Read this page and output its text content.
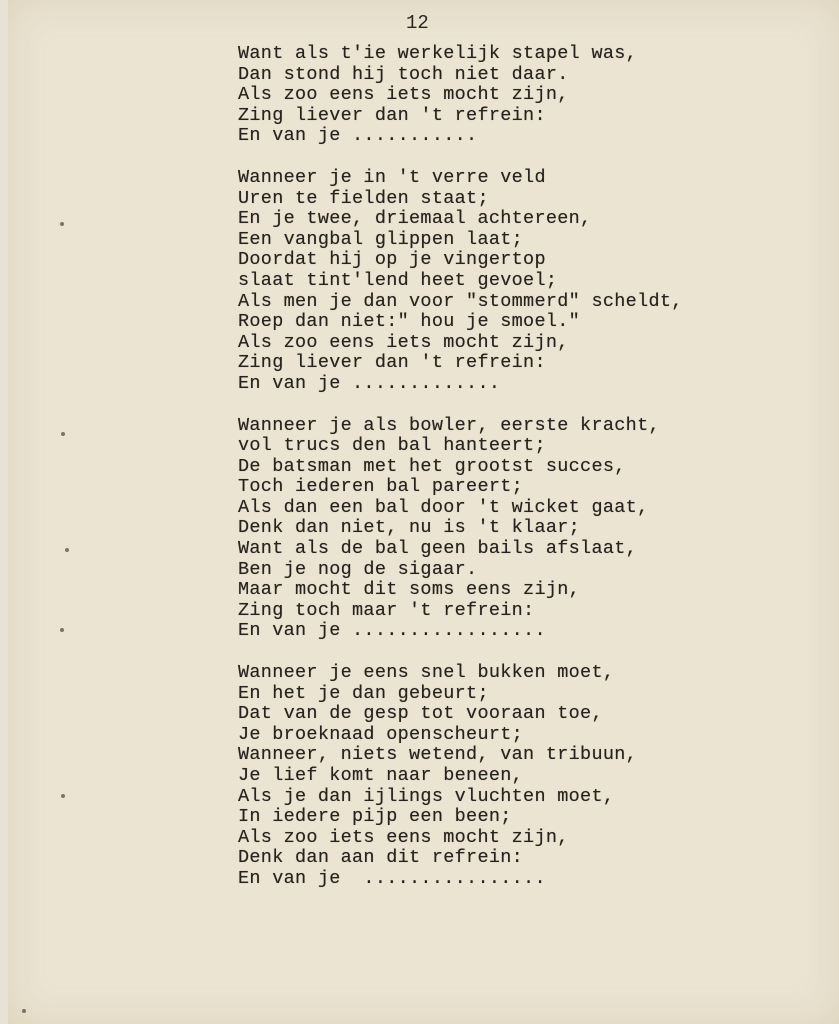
12
Want als t'ie werkelijk stapel was,
Dan stond hij toch niet daar.
Als zoo eens iets mocht zijn,
Zing liever dan 't refrein:
En van je ...........
Wanneer je in 't verre veld
Uren te fielden staat;
En je twee, driemaal achtereen,
Een vangbal glippen laat;
Doordat hij op je vingertop
slaat tint'lend heet gevoel;
Als men je dan voor "stommerd" scheldt,
Roep dan niet:" hou je smoel."
Als zoo eens iets mocht zijn,
Zing liever dan 't refrein:
En van je .............
Wanneer je als bowler, eerste kracht,
vol trucs den bal hanteert;
De batsman met het grootst succes,
Toch iederen bal pareert;
Als dan een bal door 't wicket gaat,
Denk dan niet, nu is 't klaar;
Want als de bal geen bails afslaat,
Ben je nog de sigaar.
Maar mocht dit soms eens zijn,
Zing toch maar 't refrein:
En van je .................
Wanneer je eens snel bukken moet,
En het je dan gebeurt;
Dat van de gesp tot vooraan toe,
Je broeknaad openscheurt;
Wanneer, niets wetend, van tribuun,
Je lief komt naar beneen,
Als je dan ijlings vluchten moet,
In iedere pijp een been;
Als zoo iets eens mocht zijn,
Denk dan aan dit refrein:
En van je  ................
